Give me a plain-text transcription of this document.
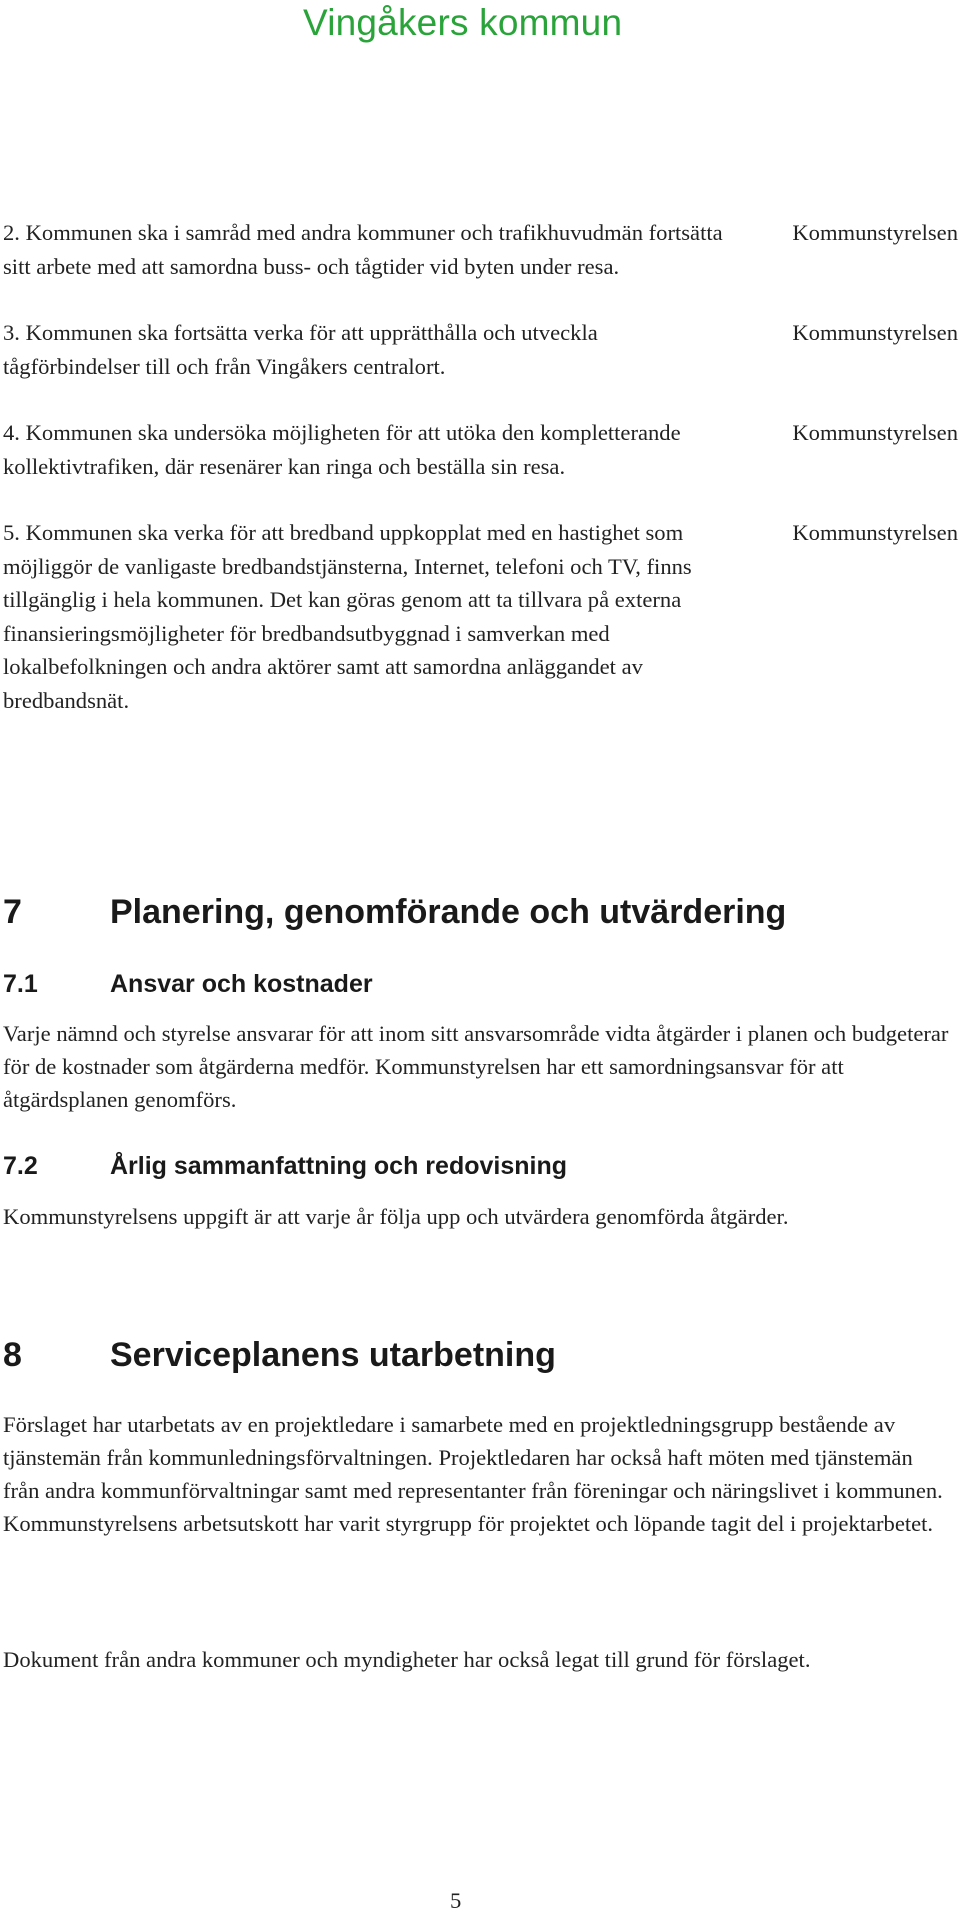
Vingåkers kommun
2. Kommunen ska i samråd med andra kommuner och trafikhuvudmän fortsätta sitt arbete med att samordna buss- och tågtider vid byten under resa.
Kommunstyrelsen
3. Kommunen ska fortsätta verka för att upprätthålla och utveckla tågförbindelser till och från Vingåkers centralort.
Kommunstyrelsen
4. Kommunen ska undersöka möjligheten för att utöka den kompletterande kollektivtrafiken, där resenärer kan ringa och beställa sin resa.
Kommunstyrelsen
5. Kommunen ska verka för att bredband uppkopplat med en hastighet som möjliggör de vanligaste bredbandstjänsterna, Internet, telefoni och TV, finns tillgänglig i hela kommunen. Det kan göras genom att ta tillvara på externa finansieringsmöjligheter för bredbandsutbyggnad i samverkan med lokalbefolkningen och andra aktörer samt att samordna anläggandet av bredbandsnät.
Kommunstyrelsen
7	Planering, genomförande och utvärdering
7.1	Ansvar och kostnader

Varje nämnd och styrelse ansvarar för att inom sitt ansvarsområde vidta åtgärder i planen och budgeterar för de kostnader som åtgärderna medför. Kommunstyrelsen har ett samordningsansvar för att åtgärdsplanen genomförs.

7.2	Årlig sammanfattning och redovisning

Kommunstyrelsens uppgift är att varje år följa upp och utvärdera genomförda åtgärder.

8	Serviceplanens utarbetning

Förslaget har utarbetats av en projektledare i samarbete med en projektledningsgrupp bestående av tjänstemän från kommunledningsförvaltningen. Projektledaren har också haft möten med tjänstemän från andra kommunförvaltningar samt med representanter från föreningar och näringslivet i kommunen. Kommunstyrelsens arbetsutskott har varit styrgrupp för projektet och löpande tagit del i projektarbetet.

Dokument från andra kommuner och myndigheter har också legat till grund för förslaget.

5
